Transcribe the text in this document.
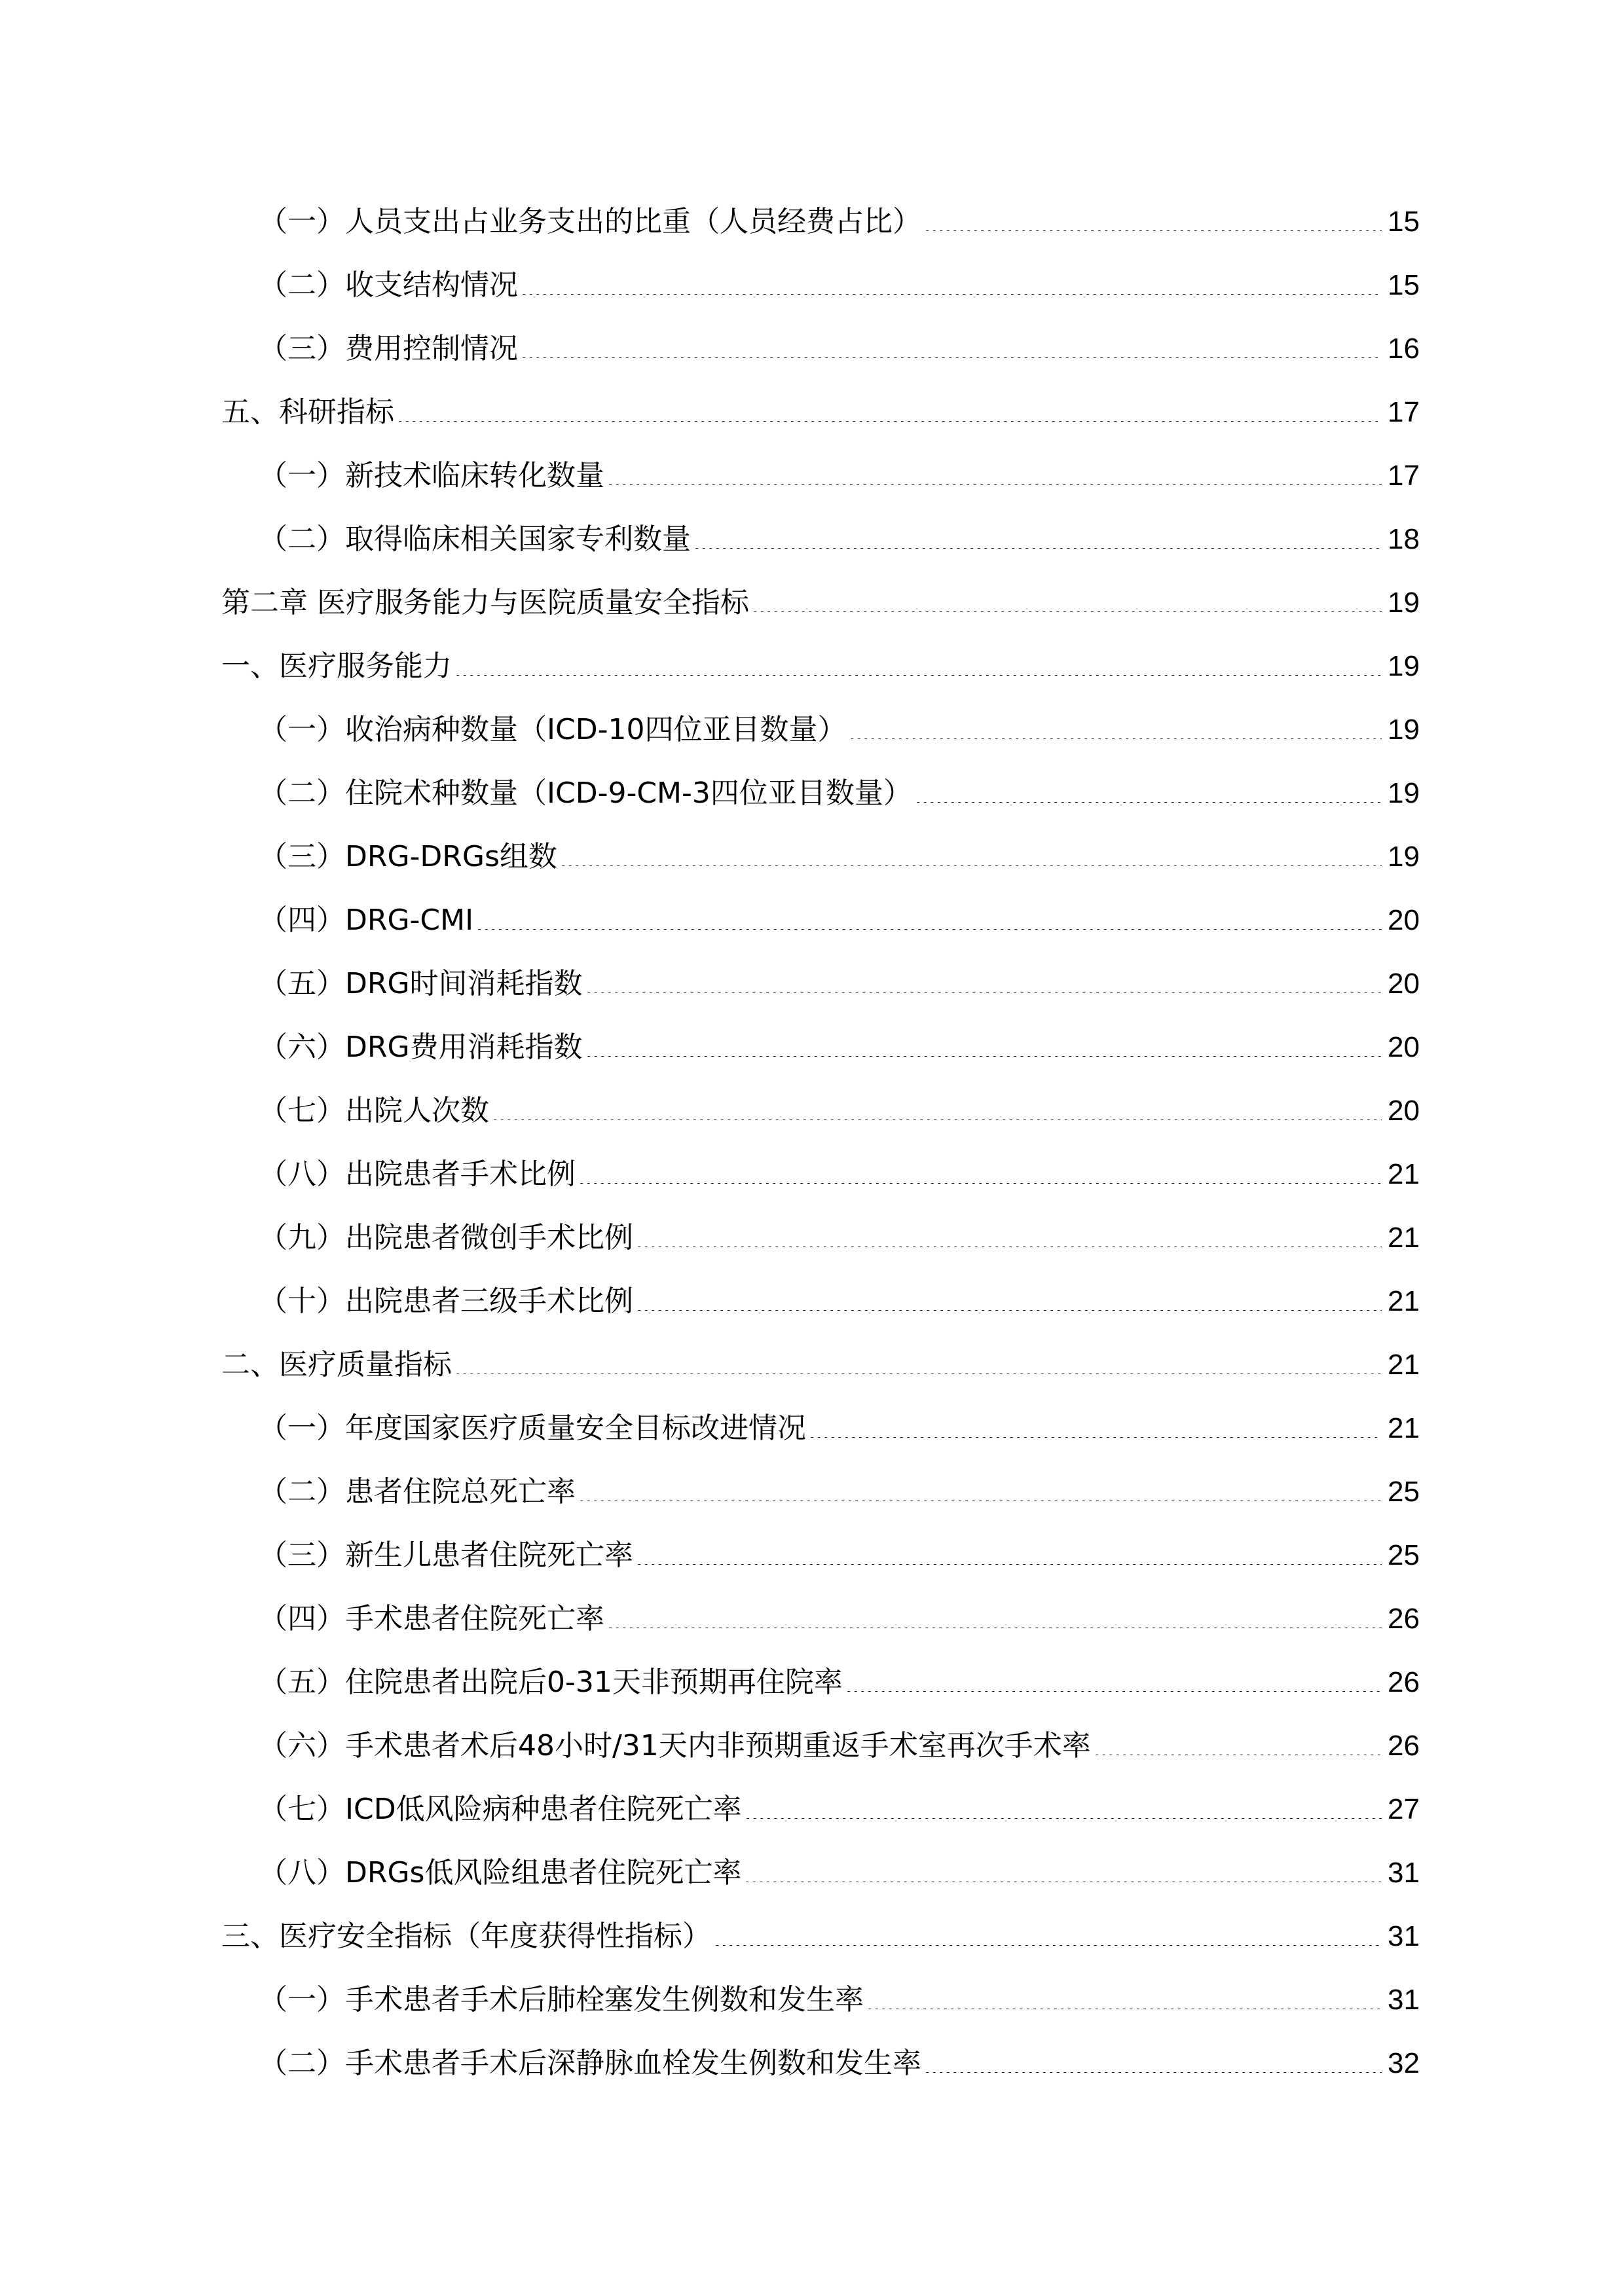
（一）人员支出占业务支出的比重（人员经费占比）	15
（二）收支结构情况	15
（三）费用控制情况	16
五、科研指标	17
（一）新技术临床转化数量	17
（二）取得临床相关国家专利数量	18
第二章 医疗服务能力与医院质量安全指标	19
一、医疗服务能力	19
（一）收治病种数量（ICD-10四位亚目数量）	19
（二）住院术种数量（ICD-9-CM-3四位亚目数量）	19
（三）DRG-DRGs组数	19
（四）DRG-CMI	20
（五）DRG时间消耗指数	20
（六）DRG费用消耗指数	20
（七）出院人次数	20
（八）出院患者手术比例	21
（九）出院患者微创手术比例	21
（十）出院患者三级手术比例	21
二、医疗质量指标	21
（一）年度国家医疗质量安全目标改进情况	21
（二）患者住院总死亡率	25
（三）新生儿患者住院死亡率	25
（四）手术患者住院死亡率	26
（五）住院患者出院后0-31天非预期再住院率	26
（六）手术患者术后48小时/31天内非预期重返手术室再次手术率	26
（七）ICD低风险病种患者住院死亡率	27
（八）DRGs低风险组患者住院死亡率	31
三、医疗安全指标（年度获得性指标）	31
（一）手术患者手术后肺栓塞发生例数和发生率	31
（二）手术患者手术后深静脉血栓发生例数和发生率	32
